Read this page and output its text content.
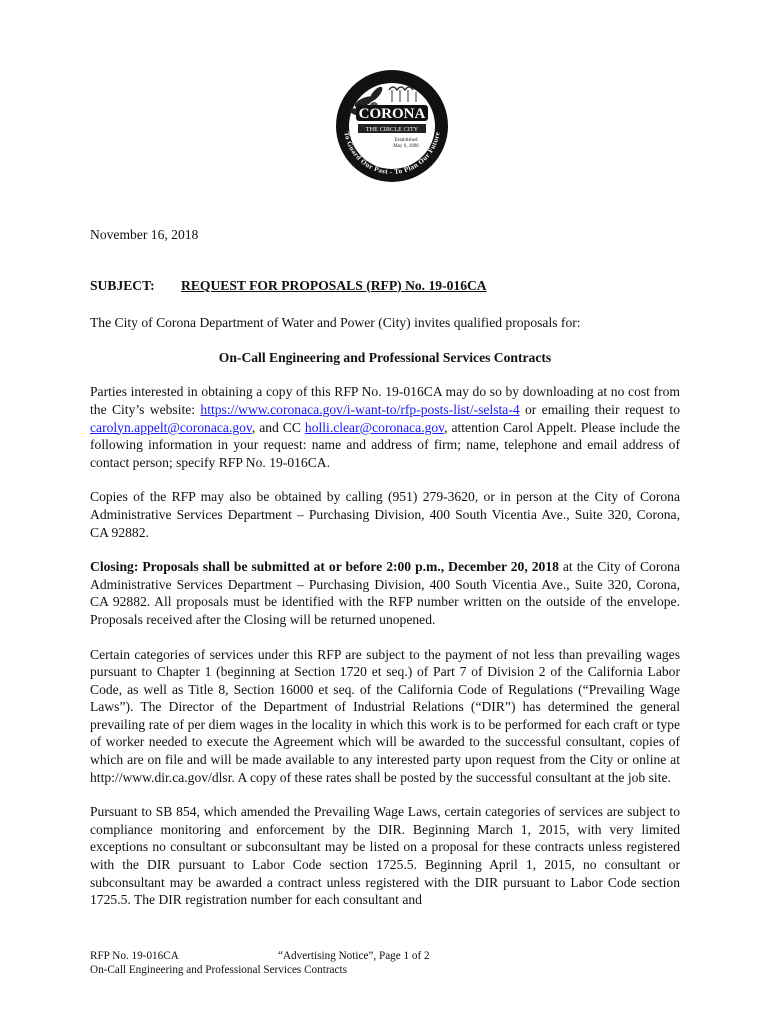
CORONA
THE CIRCLE CITY
Established
May 6, 1896
To Guard Our Past - To Plan Our Future
November 16, 2018
SUBJECT:	REQUEST FOR PROPOSALS (RFP) No. 19-016CA

The City of Corona Department of Water and Power (City) invites qualified proposals for:

On-Call Engineering and Professional Services Contracts

Parties interested in obtaining a copy of this RFP No. 19-016CA may do so by downloading at no cost from the City’s website: https://www.coronaca.gov/i-want-to/rfp-posts-list/-selsta-4 or emailing their request to carolyn.appelt@coronaca.gov, and CC holli.clear@coronaca.gov, attention Carol Appelt. Please include the following information in your request: name and address of firm; name, telephone and email address of contact person; specify RFP No. 19-016CA.

Copies of the RFP may also be obtained by calling (951) 279-3620, or in person at the City of Corona Administrative Services Department – Purchasing Division, 400 South Vicentia Ave., Suite 320, Corona, CA 92882.

Closing: Proposals shall be submitted at or before 2:00 p.m., December 20, 2018 at the City of Corona Administrative Services Department – Purchasing Division, 400 South Vicentia Ave., Suite 320, Corona, CA 92882. All proposals must be identified with the RFP number written on the outside of the envelope. Proposals received after the Closing will be returned unopened.

Certain categories of services under this RFP are subject to the payment of not less than prevailing wages pursuant to Chapter 1 (beginning at Section 1720 et seq.) of Part 7 of Division 2 of the California Labor Code, as well as Title 8, Section 16000 et seq. of the California Code of Regulations (“Prevailing Wage Laws”). The Director of the Department of Industrial Relations (“DIR”) has determined the general prevailing rate of per diem wages in the locality in which this work is to be performed for each craft or type of worker needed to execute the Agreement which will be awarded to the successful consultant, copies of which are on file and will be made available to any interested party upon request from the City or online at http://www.dir.ca.gov/dlsr. A copy of these rates shall be posted by the successful consultant at the job site.

Pursuant to SB 854, which amended the Prevailing Wage Laws, certain categories of services are subject to compliance monitoring and enforcement by the DIR. Beginning March 1, 2015, with very limited exceptions no consultant or subconsultant may be listed on a proposal for these contracts unless registered with the DIR pursuant to Labor Code section 1725.5. Beginning April 1, 2015, no consultant or subconsultant may be awarded a contract unless registered with the DIR pursuant to Labor Code section 1725.5. The DIR registration number for each consultant and

RFP No. 19-016CA	“Advertising Notice”, Page 1 of 2
On-Call Engineering and Professional Services Contracts
